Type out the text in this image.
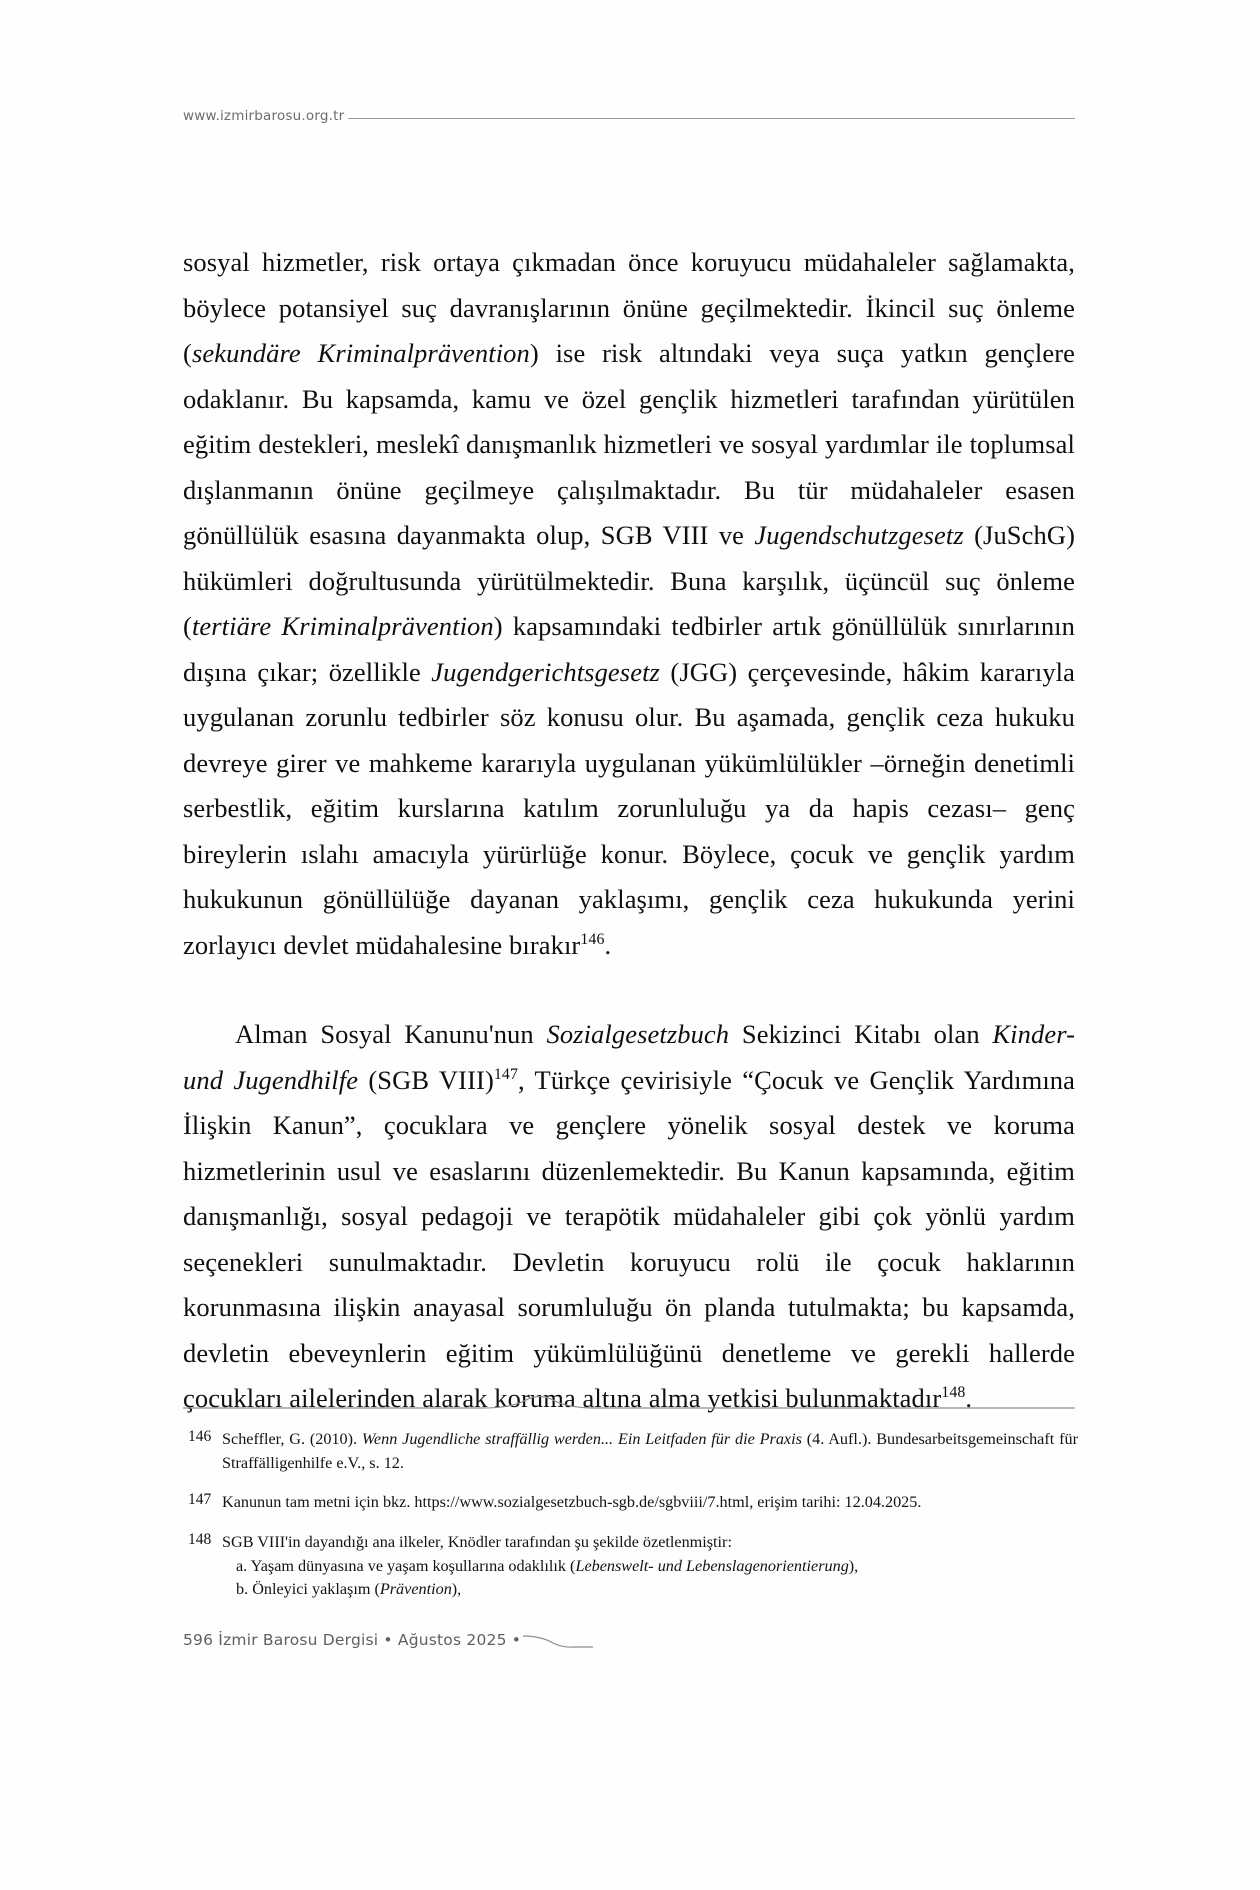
www.izmirbarosu.org.tr

sosyal hizmetler, risk ortaya çıkmadan önce koruyucu müdahaleler sağlamakta, böylece potansiyel suç davranışlarının önüne geçilmektedir. İkincil suç önleme (sekundäre Kriminalprävention) ise risk altındaki veya suça yatkın gençlere odaklanır. Bu kapsamda, kamu ve özel gençlik hizmetleri tarafından yürütülen eğitim destekleri, meslekî danışmanlık hizmetleri ve sosyal yardımlar ile toplumsal dışlanmanın önüne geçilmeye çalışılmaktadır. Bu tür müdahaleler esasen gönüllülük esasına dayanmakta olup, SGB VIII ve Jugendschutzgesetz (JuSchG) hükümleri doğrultusunda yürütülmektedir. Buna karşılık, üçüncül suç önleme (tertiäre Kriminalprävention) kapsamındaki tedbirler artık gönüllülük sınırlarının dışına çıkar; özellikle Jugendgerichtsgesetz (JGG) çerçevesinde, hâkim kararıyla uygulanan zorunlu tedbirler söz konusu olur. Bu aşamada, gençlik ceza hukuku devreye girer ve mahkeme kararıyla uygulanan yükümlülükler –örneğin denetimli serbestlik, eğitim kurslarına katılım zorunluluğu ya da hapis cezası– genç bireylerin ıslahı amacıyla yürürlüğe konur. Böylece, çocuk ve gençlik yardım hukukunun gönüllülüğe dayanan yaklaşımı, gençlik ceza hukukunda yerini zorlayıcı devlet müdahalesine bırakır$^{146}$.

Alman Sosyal Kanunu'nun Sozialgesetzbuch Sekizinci Kitabı olan Kinder- und Jugendhilfe (SGB VIII)$^{147}$, Türkçe çevirisiyle “Çocuk ve Gençlik Yardımına İlişkin Kanun”, çocuklara ve gençlere yönelik sosyal destek ve koruma hizmetlerinin usul ve esaslarını düzenlemektedir. Bu Kanun kapsamında, eğitim danışmanlığı, sosyal pedagoji ve terapötik müdahaleler gibi çok yönlü yardım seçenekleri sunulmaktadır. Devletin koruyucu rolü ile çocuk haklarının korunmasına ilişkin anayasal sorumluluğu ön planda tutulmakta; bu kapsamda, devletin ebeveynlerin eğitim yükümlülüğünü denetleme ve gerekli hallerde çocukları ailelerinden alarak koruma altına alma yetkisi bulunmaktadır$^{148}$.

146 Scheffler, G. (2010). Wenn Jugendliche straffällig werden... Ein Leitfaden für die Praxis (4. Aufl.). Bundesarbeitsgemeinschaft für Straffälligenhilfe e.V., s. 12.

147 Kanunun tam metni için bkz. https://www.sozialgesetzbuch-sgb.de/sgbviii/7.html, erişim tarihi: 12.04.2025.

148 SGB VIII'in dayandığı ana ilkeler, Knödler tarafından şu şekilde özetlenmiştir:
a. Yaşam dünyasına ve yaşam koşullarına odaklılık (Lebenswelt- und Lebenslagenorientierung),
b. Önleyici yaklaşım (Prävention),

596 İzmir Barosu Dergisi • Ağustos 2025 •
